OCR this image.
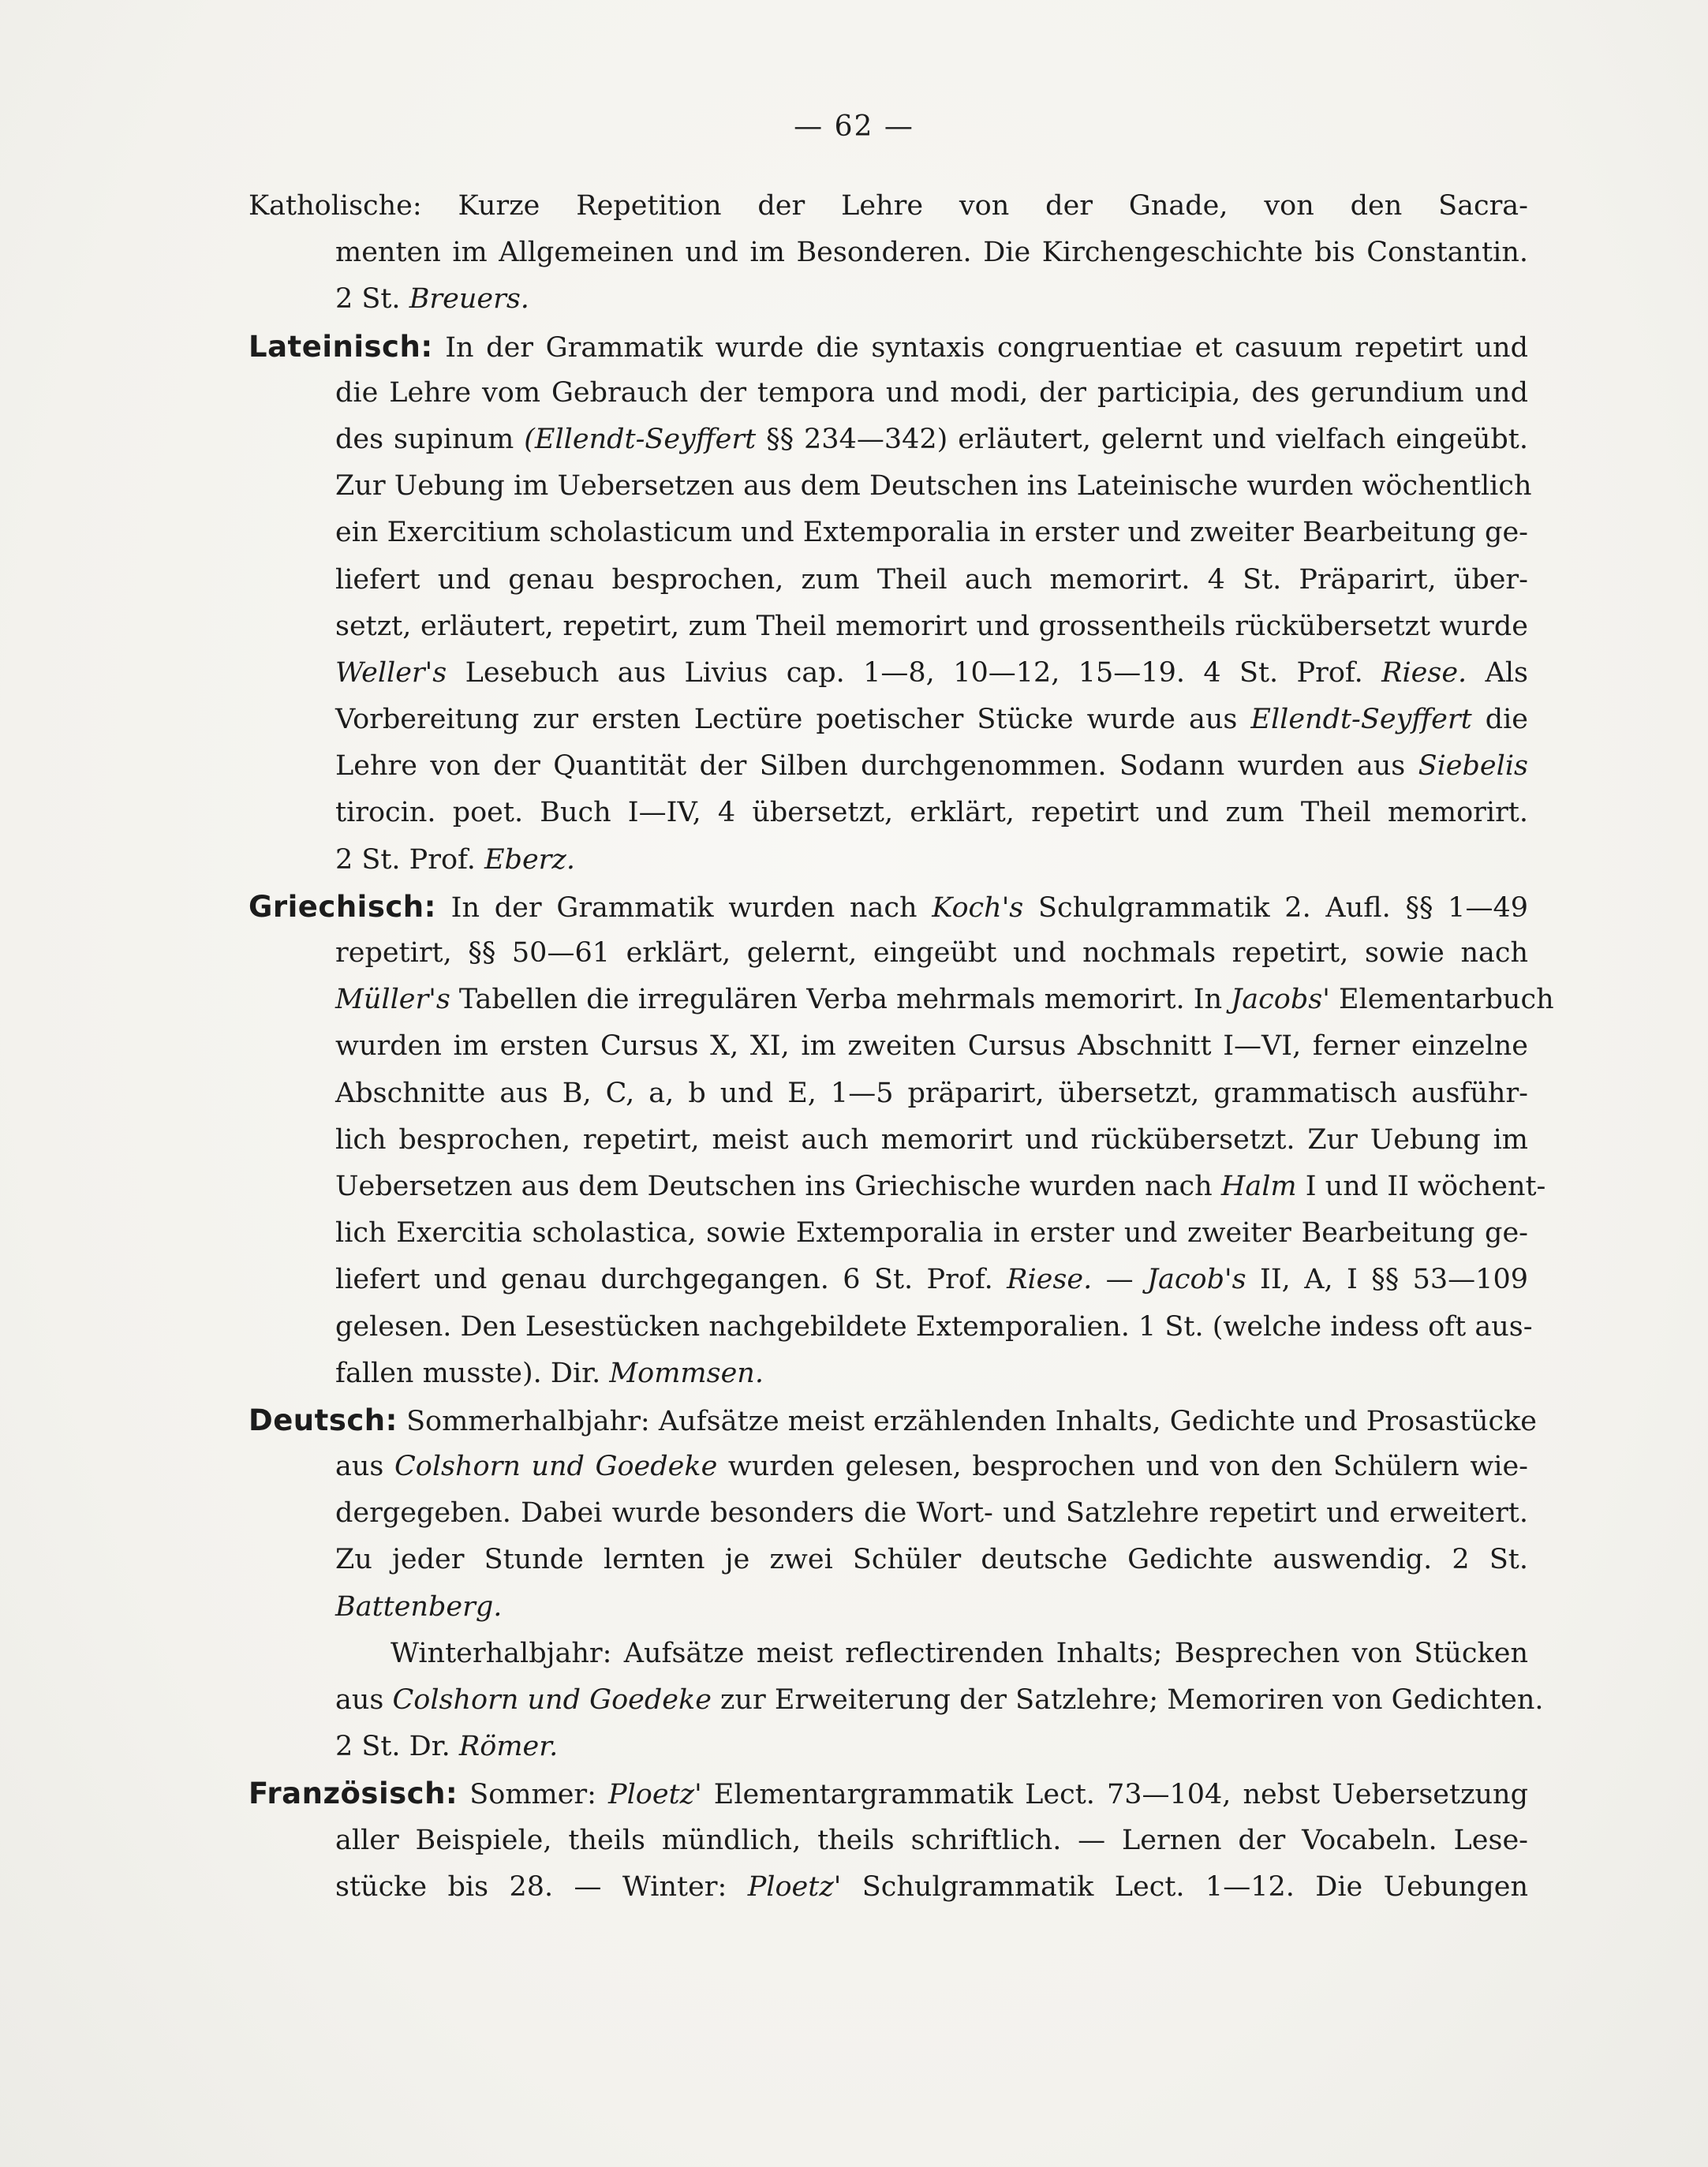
— 62 —
Katholische: Kurze Repetition der Lehre von der Gnade, von den Sacra-
menten im Allgemeinen und im Besonderen. Die Kirchengeschichte bis Constantin.
2 St. Breuers.
Lateinisch: In der Grammatik wurde die syntaxis congruentiae et casuum repetirt und
die Lehre vom Gebrauch der tempora und modi, der participia, des gerundium und
des supinum (Ellendt-Seyffert §§ 234—342) erläutert, gelernt und vielfach eingeübt.
Zur Uebung im Uebersetzen aus dem Deutschen ins Lateinische wurden wöchentlich
ein Exercitium scholasticum und Extemporalia in erster und zweiter Bearbeitung ge-
liefert und genau besprochen, zum Theil auch memorirt. 4 St. Präparirt, über-
setzt, erläutert, repetirt, zum Theil memorirt und grossentheils rückübersetzt wurde
Weller's Lesebuch aus Livius cap. 1—8, 10—12, 15—19. 4 St. Prof. Riese. Als
Vorbereitung zur ersten Lectüre poetischer Stücke wurde aus Ellendt-Seyffert die
Lehre von der Quantität der Silben durchgenommen. Sodann wurden aus Siebelis
tirocin. poet. Buch I—IV, 4 übersetzt, erklärt, repetirt und zum Theil memorirt.
2 St. Prof. Eberz.
Griechisch: In der Grammatik wurden nach Koch's Schulgrammatik 2. Aufl. §§ 1—49
repetirt, §§ 50—61 erklärt, gelernt, eingeübt und nochmals repetirt, sowie nach
Müller's Tabellen die irregulären Verba mehrmals memorirt. In Jacobs' Elementarbuch
wurden im ersten Cursus X, XI, im zweiten Cursus Abschnitt I—VI, ferner einzelne
Abschnitte aus B, C, a, b und E, 1—5 präparirt, übersetzt, grammatisch ausführ-
lich besprochen, repetirt, meist auch memorirt und rückübersetzt. Zur Uebung im
Uebersetzen aus dem Deutschen ins Griechische wurden nach Halm I und II wöchent-
lich Exercitia scholastica, sowie Extemporalia in erster und zweiter Bearbeitung ge-
liefert und genau durchgegangen. 6 St. Prof. Riese. — Jacob's II, A, I §§ 53—109
gelesen. Den Lesestücken nachgebildete Extemporalien. 1 St. (welche indess oft aus-
fallen musste). Dir. Mommsen.
Deutsch: Sommerhalbjahr: Aufsätze meist erzählenden Inhalts, Gedichte und Prosastücke
aus Colshorn und Goedeke wurden gelesen, besprochen und von den Schülern wie-
dergegeben. Dabei wurde besonders die Wort- und Satzlehre repetirt und erweitert.
Zu jeder Stunde lernten je zwei Schüler deutsche Gedichte auswendig. 2 St.
Battenberg.
Winterhalbjahr: Aufsätze meist reflectirenden Inhalts; Besprechen von Stücken
aus Colshorn und Goedeke zur Erweiterung der Satzlehre; Memoriren von Gedichten.
2 St. Dr. Römer.
Französisch: Sommer: Ploetz' Elementargrammatik Lect. 73—104, nebst Uebersetzung
aller Beispiele, theils mündlich, theils schriftlich. — Lernen der Vocabeln. Lese-
stücke bis 28. — Winter: Ploetz' Schulgrammatik Lect. 1—12. Die Uebungen
